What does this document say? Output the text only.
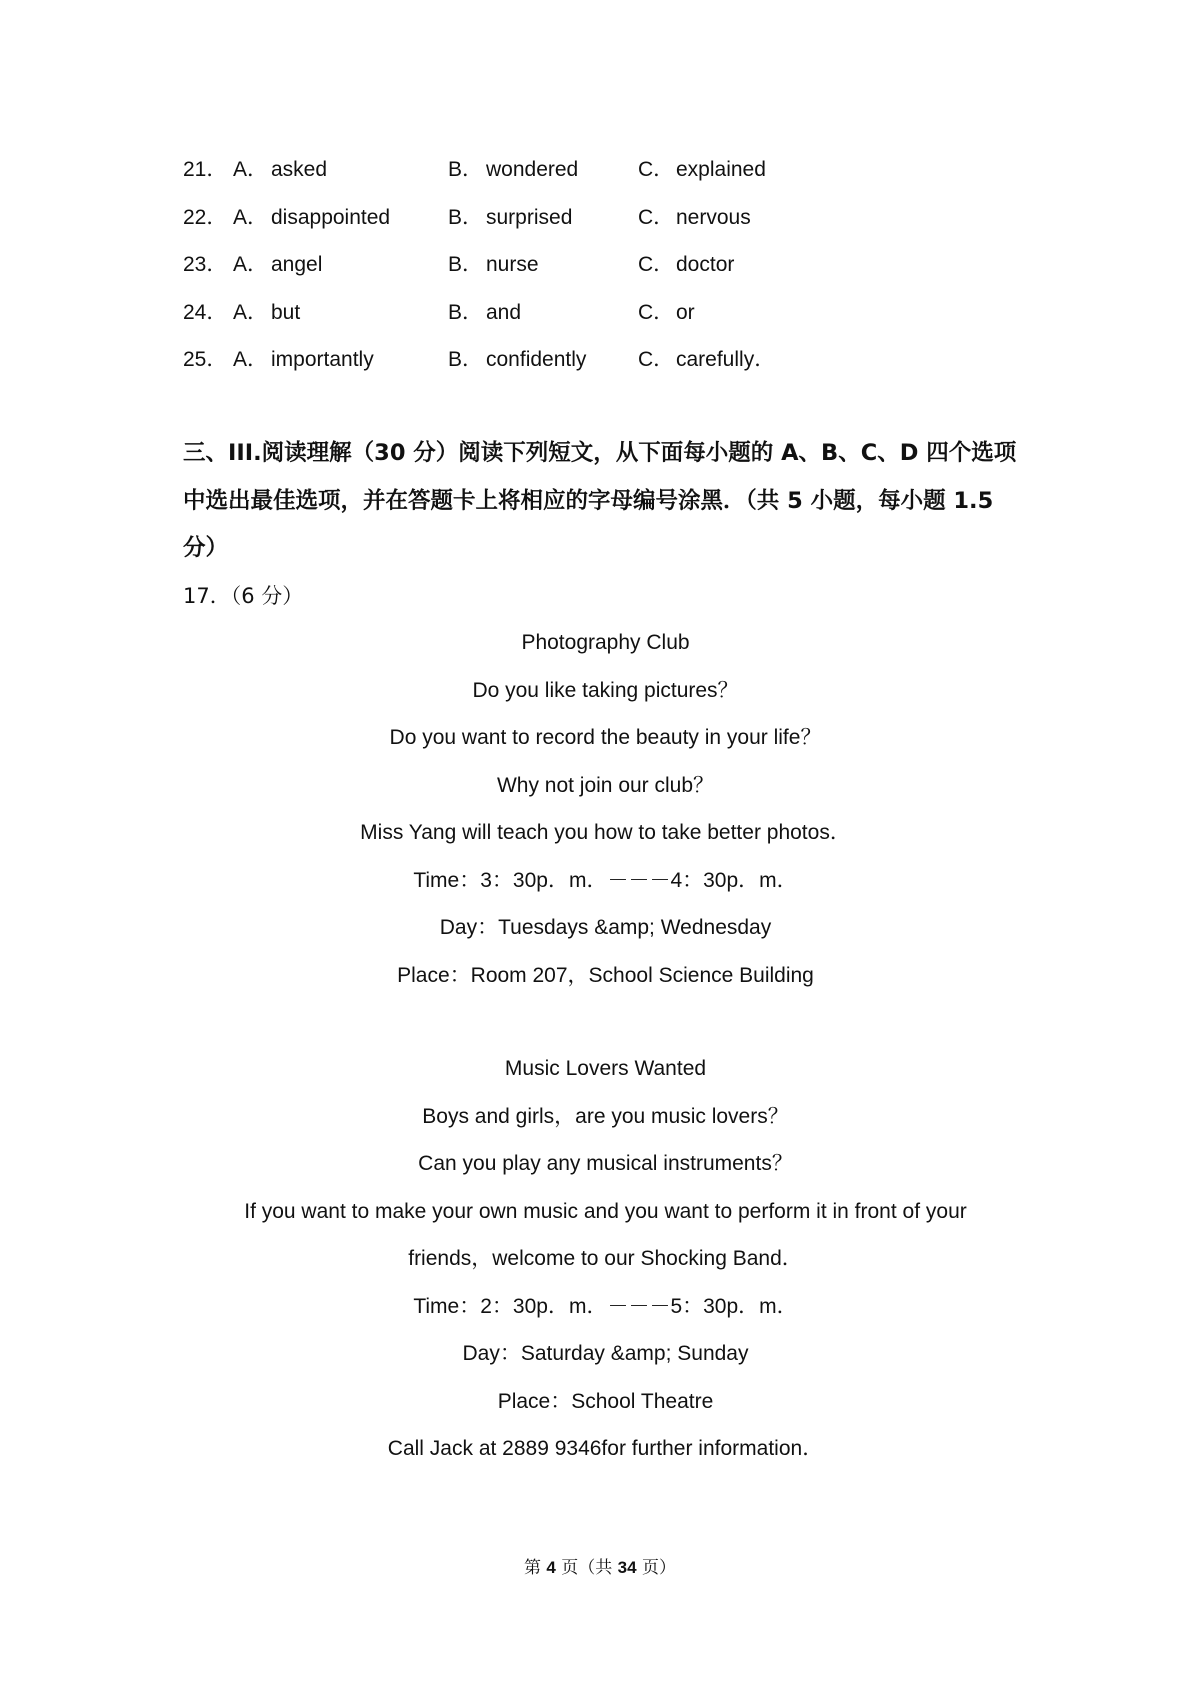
21． A． asked	B． wondered	C． explained
22． A． disappointed	B． surprised	C． nervous
23． A． angel	B． nurse	C． doctor
24． A． but	B． and	C． or
25． A． importantly	B． confidently C． carefully．
三、III.阅读理解（30 分）阅读下列短文，从下面每小题的 A、B、C、D 四个选项中选出最佳选项，并在答题卡上将相应的字母编号涂黑．（共 5 小题，每小题 1.5 分）
17．（6 分）
Photography Club
Do you like taking pictures？
Do you want to record the beauty in your life？
Why not join our club？
Miss Yang will teach you how to take better photos．
Time：3：30p．m．－－－4：30p．m．
Day：Tuesdays &amp; Wednesday
Place：Room 207，School Science Building
Music Lovers Wanted
Boys and girls，are you music lovers？
Can you play any musical instruments？
If you want to make your own music and you want to perform it in front of your
friends，welcome to our Shocking Band．
Time：2：30p．m．－－－5：30p．m．
Day：Saturday &amp; Sunday
Place：School Theatre
Call Jack at 2889 9346for further information．
第 4 页（共 34 页）
